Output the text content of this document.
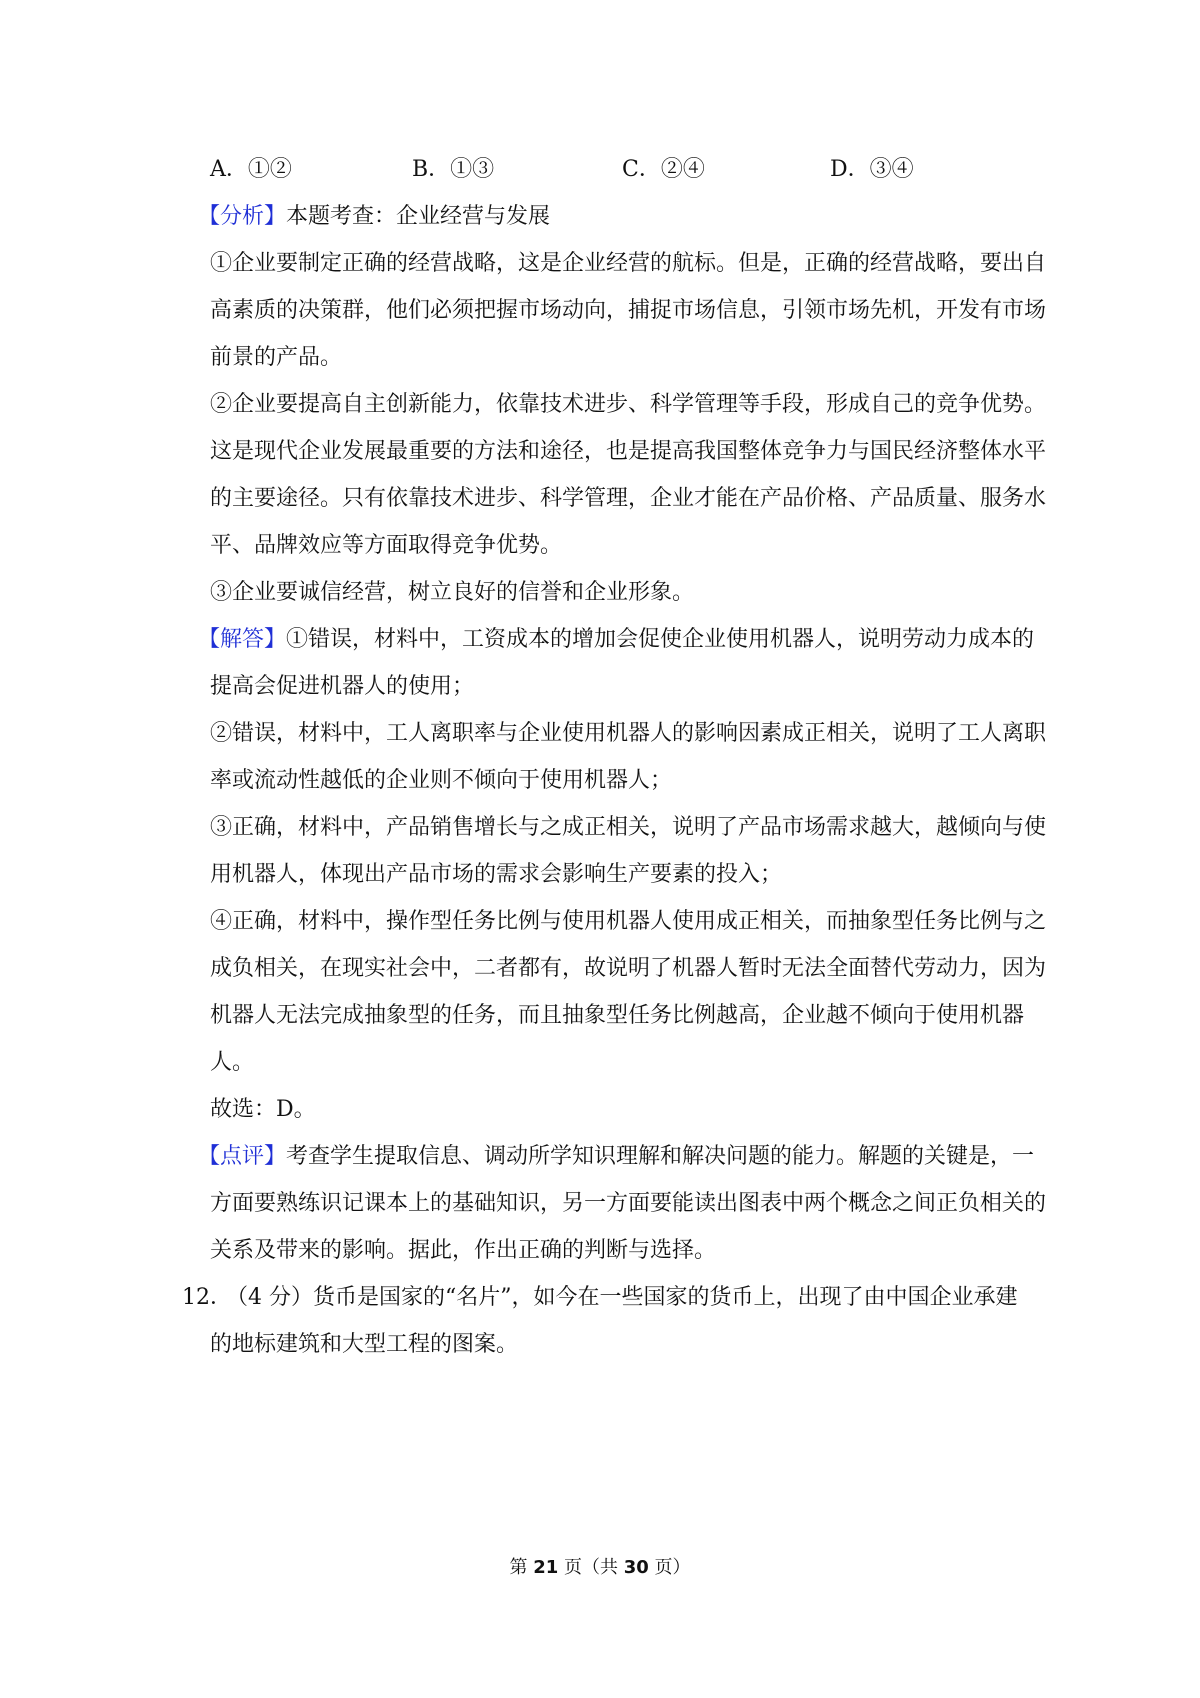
A．①②	B．①③	C．②④	D．③④
【分析】本题考查：企业经营与发展
①企业要制定正确的经营战略，这是企业经营的航标。但是，正确的经营战略，要出自
高素质的决策群，他们必须把握市场动向，捕捉市场信息，引领市场先机，开发有市场
前景的产品。
②企业要提高自主创新能力，依靠技术进步、科学管理等手段，形成自己的竞争优势。
这是现代企业发展最重要的方法和途径，也是提高我国整体竞争力与国民经济整体水平
的主要途径。只有依靠技术进步、科学管理，企业才能在产品价格、产品质量、服务水
平、品牌效应等方面取得竞争优势。
③企业要诚信经营，树立良好的信誉和企业形象。
【解答】①错误，材料中，工资成本的增加会促使企业使用机器人，说明劳动力成本的
提高会促进机器人的使用；
②错误，材料中，工人离职率与企业使用机器人的影响因素成正相关，说明了工人离职
率或流动性越低的企业则不倾向于使用机器人；
③正确，材料中，产品销售增长与之成正相关，说明了产品市场需求越大，越倾向与使
用机器人，体现出产品市场的需求会影响生产要素的投入；
④正确，材料中，操作型任务比例与使用机器人使用成正相关，而抽象型任务比例与之
成负相关，在现实社会中，二者都有，故说明了机器人暂时无法全面替代劳动力，因为
机器人无法完成抽象型的任务，而且抽象型任务比例越高，企业越不倾向于使用机器
人。
故选：D。
【点评】考查学生提取信息、调动所学知识理解和解决问题的能力。解题的关键是，一
方面要熟练识记课本上的基础知识，另一方面要能读出图表中两个概念之间正负相关的
关系及带来的影响。据此，作出正确的判断与选择。
12．
（4 分）货币是国家的“名片”，如今在一些国家的货币上，出现了由中国企业承建
的地标建筑和大型工程的图案。
第 21 页（共 30 页）
